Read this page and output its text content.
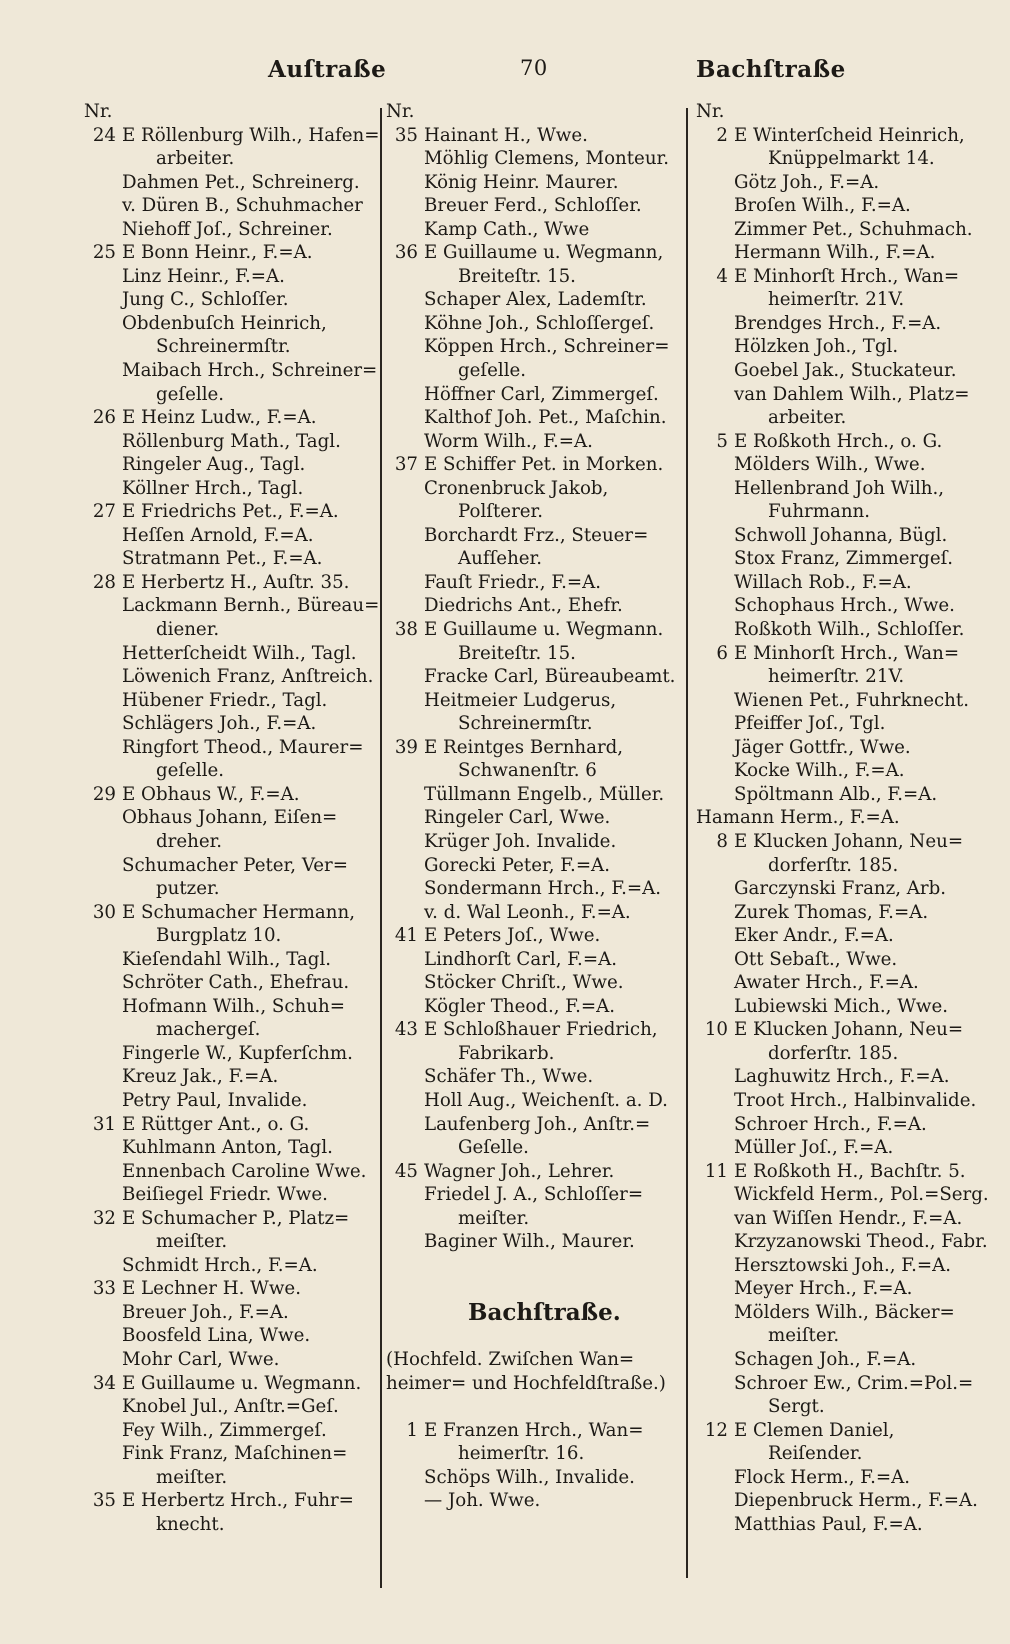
Auſtraße	70	Bachſtraße
Nr.
24 E Röllenburg Wilh., Hafen=
arbeiter.
Dahmen Pet., Schreinerg.
v. Düren B., Schuhmacher
Niehoff Joſ., Schreiner.
25 E Bonn Heinr., F.=A.
Linz Heinr., F.=A.
Jung C., Schloſſer.
Obdenbuſch Heinrich,
Schreinermſtr.
Maibach Hrch., Schreiner=
geſelle.
26 E Heinz Ludw., F.=A.
Röllenburg Math., Tagl.
Ringeler Aug., Tagl.
Köllner Hrch., Tagl.
27 E Friedrichs Pet., F.=A.
Heſſen Arnold, F.=A.
Stratmann Pet., F.=A.
28 E Herbertz H., Auſtr. 35.
Lackmann Bernh., Büreau=
diener.
Hetterſcheidt Wilh., Tagl.
Löwenich Franz, Anſtreich.
Hübener Friedr., Tagl.
Schlägers Joh., F.=A.
Ringfort Theod., Maurer=
geſelle.
29 E Obhaus W., F.=A.
Obhaus Johann, Eiſen=
dreher.
Schumacher Peter, Ver=
putzer.
30 E Schumacher Hermann,
Burgplatz 10.
Kieſendahl Wilh., Tagl.
Schröter Cath., Ehefrau.
Hofmann Wilh., Schuh=
machergeſ.
Fingerle W., Kupferſchm.
Kreuz Jak., F.=A.
Petry Paul, Invalide.
31 E Rüttger Ant., o. G.
Kuhlmann Anton, Tagl.
Ennenbach Caroline Wwe.
Beiſiegel Friedr. Wwe.
32 E Schumacher P., Platz=
meiſter.
Schmidt Hrch., F.=A.
33 E Lechner H. Wwe.
Breuer Joh., F.=A.
Boosfeld Lina, Wwe.
Mohr Carl, Wwe.
34 E Guillaume u. Wegmann.
Knobel Jul., Anſtr.=Geſ.
Fey Wilh., Zimmergeſ.
Fink Franz, Maſchinen=
meiſter.
35 E Herbertz Hrch., Fuhr=
knecht.
Nr.
35 Hainant H., Wwe.
Möhlig Clemens, Monteur.
König Heinr. Maurer.
Breuer Ferd., Schloſſer.
Kamp Cath., Wwe
36 E Guillaume u. Wegmann,
Breiteſtr. 15.
Schaper Alex, Lademſtr.
Köhne Joh., Schloſſergeſ.
Köppen Hrch., Schreiner=
geſelle.
Höffner Carl, Zimmergeſ.
Kalthof Joh. Pet., Maſchin.
Worm Wilh., F.=A.
37 E Schiffer Pet. in Morken.
Cronenbruck Jakob,
Polſterer.
Borchardt Frz., Steuer=
Aufſeher.
Fauſt Friedr., F.=A.
Diedrichs Ant., Ehefr.
38 E Guillaume u. Wegmann.
Breiteſtr. 15.
Fracke Carl, Büreaubeamt.
Heitmeier Ludgerus,
Schreinermſtr.
39 E Reintges Bernhard,
Schwanenſtr. 6
Tüllmann Engelb., Müller.
Ringeler Carl, Wwe.
Krüger Joh. Invalide.
Gorecki Peter, F.=A.
Sondermann Hrch., F.=A.
v. d. Wal Leonh., F.=A.
41 E Peters Joſ., Wwe.
Lindhorſt Carl, F.=A.
Stöcker Chriſt., Wwe.
Kögler Theod., F.=A.
43 E Schloßhauer Friedrich,
Fabrikarb.
Schäfer Th., Wwe.
Holl Aug., Weichenſt. a. D.
Laufenberg Joh., Anſtr.=
Geſelle.
45 Wagner Joh., Lehrer.
Friedel J. A., Schloſſer=
meiſter.
Baginer Wilh., Maurer.
Bachſtraße.
(Hochfeld. Zwiſchen Wan=
heimer= und Hochfeldſtraße.)
1 E Franzen Hrch., Wan=
heimerſtr. 16.
Schöps Wilh., Invalide.
— Joh. Wwe.
Nr.
2 E Winterſcheid Heinrich,
Knüppelmarkt 14.
Götz Joh., F.=A.
Broſen Wilh., F.=A.
Zimmer Pet., Schuhmach.
Hermann Wilh., F.=A.
4 E Minhorſt Hrch., Wan=
heimerſtr. 21V.
Brendges Hrch., F.=A.
Hölzken Joh., Tgl.
Goebel Jak., Stuckateur.
van Dahlem Wilh., Platz=
arbeiter.
5 E Roßkoth Hrch., o. G.
Mölders Wilh., Wwe.
Hellenbrand Joh Wilh.,
Fuhrmann.
Schwoll Johanna, Bügl.
Stox Franz, Zimmergeſ.
Willach Rob., F.=A.
Schophaus Hrch., Wwe.
Roßkoth Wilh., Schloſſer.
6 E Minhorſt Hrch., Wan=
heimerſtr. 21V.
Wienen Pet., Fuhrknecht.
Pfeiffer Joſ., Tgl.
Jäger Gottfr., Wwe.
Kocke Wilh., F.=A.
Spöltmann Alb., F.=A.
Hamann Herm., F.=A.
8 E Klucken Johann, Neu=
dorferſtr. 185.
Garczynski Franz, Arb.
Zurek Thomas, F.=A.
Eker Andr., F.=A.
Ott Sebaſt., Wwe.
Awater Hrch., F.=A.
Lubiewski Mich., Wwe.
10 E Klucken Johann, Neu=
dorferſtr. 185.
Laghuwitz Hrch., F.=A.
Troot Hrch., Halbinvalide.
Schroer Hrch., F.=A.
Müller Joſ., F.=A.
11 E Roßkoth H., Bachſtr. 5.
Wickfeld Herm., Pol.=Serg.
van Wiſſen Hendr., F.=A.
Krzyzanowski Theod., Fabr.
Hersztowski Joh., F.=A.
Meyer Hrch., F.=A.
Mölders Wilh., Bäcker=
meiſter.
Schagen Joh., F.=A.
Schroer Ew., Crim.=Pol.=
Sergt.
12 E Clemen Daniel,
Reiſender.
Flock Herm., F.=A.
Diepenbruck Herm., F.=A.
Matthias Paul, F.=A.
